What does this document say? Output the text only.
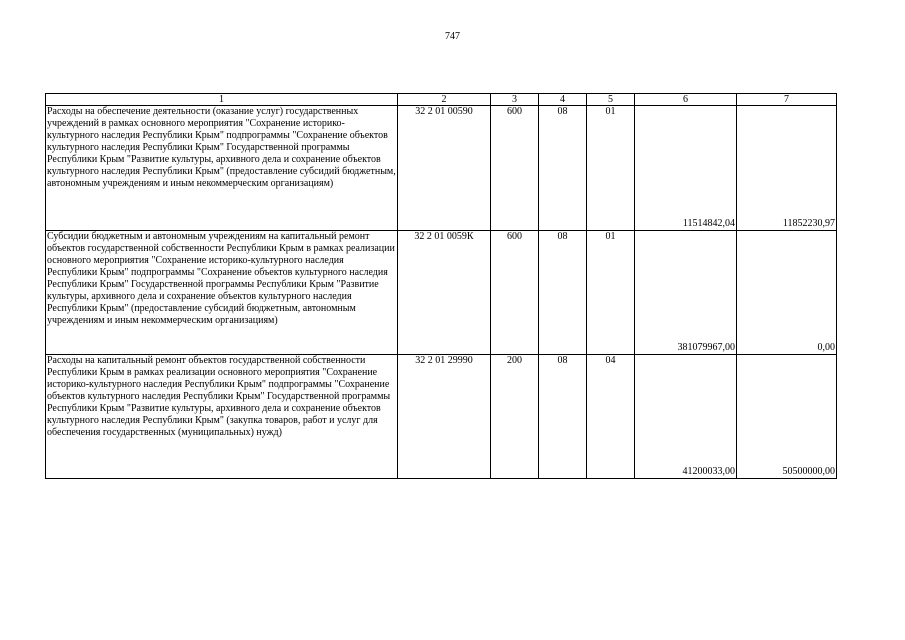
747
1	2	3	4	5	6	7
Расходы на обеспечение деятельности (оказание услуг) государственных учреждений в рамках основного мероприятия "Сохранение историко-культурного наследия Республики Крым" подпрограммы "Сохранение объектов культурного наследия Республики Крым" Государственной программы Республики Крым "Развитие культуры, архивного дела и сохранение объектов культурного наследия Республики Крым" (предоставление субсидий бюджетным, автономным учреждениям и иным некоммерческим организациям)	32 2 01 00590	600	08	01	11514842,04	11852230,97
Субсидии бюджетным и автономным учреждениям на капитальный ремонт объектов государственной собственности Республики Крым в рамках реализации основного мероприятия "Сохранение историко-культурного наследия Республики Крым" подпрограммы "Сохранение объектов культурного наследия Республики Крым" Государственной программы Республики Крым "Развитие культуры, архивного дела и сохранение объектов культурного наследия Республики Крым" (предоставление субсидий бюджетным, автономным учреждениям и иным некоммерческим организациям)	32 2 01 0059К	600	08	01	381079967,00	0,00
Расходы на капитальный ремонт объектов государственной собственности Республики Крым в рамках реализации основного мероприятия "Сохранение историко-культурного наследия Республики Крым" подпрограммы "Сохранение объектов культурного наследия Республики Крым" Государственной программы Республики Крым "Развитие культуры, архивного дела и сохранение объектов культурного наследия Республики Крым" (закупка товаров, работ и услуг для обеспечения государственных (муниципальных) нужд)	32 2 01 29990	200	08	04	41200033,00	50500000,00
